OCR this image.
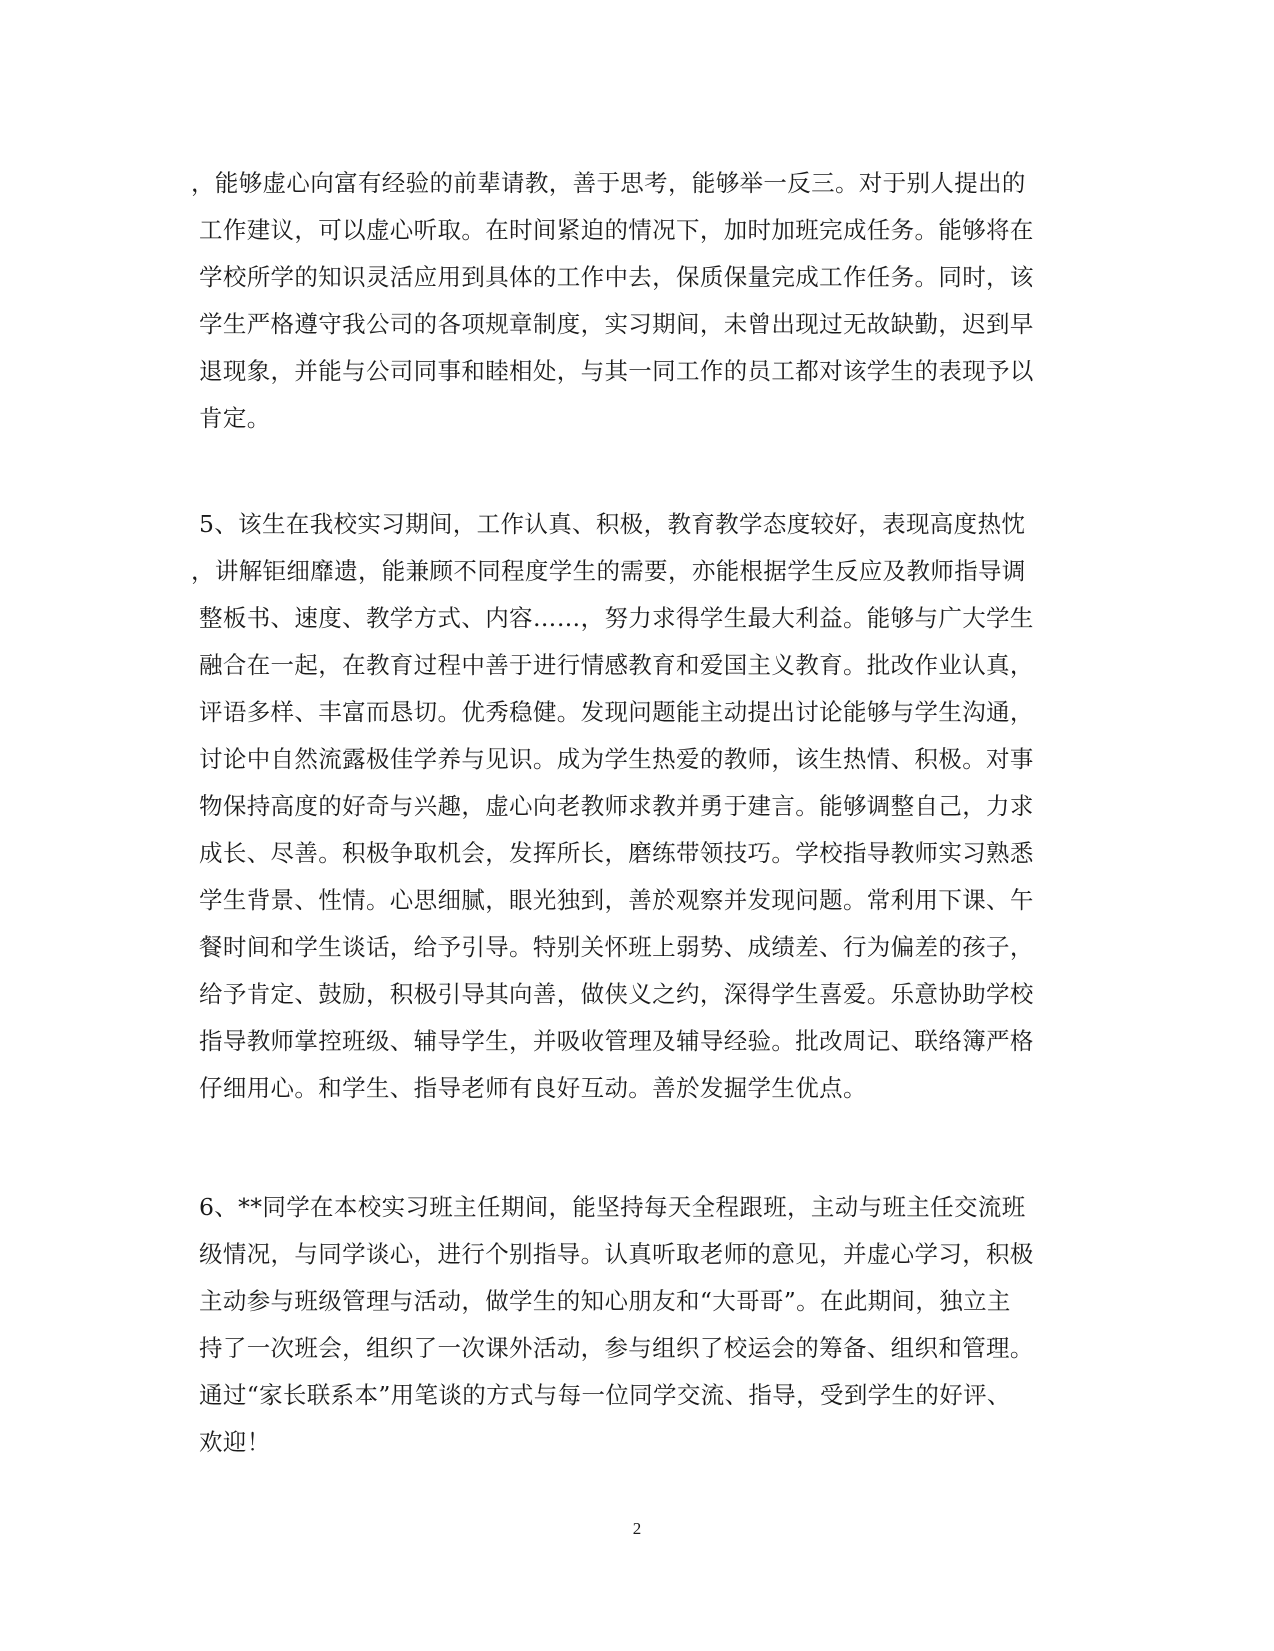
，能够虚心向富有经验的前辈请教，善于思考，能够举一反三。对于别人提出的
工作建议，可以虚心听取。在时间紧迫的情况下，加时加班完成任务。能够将在
学校所学的知识灵活应用到具体的工作中去，保质保量完成工作任务。同时，该
学生严格遵守我公司的各项规章制度，实习期间，未曾出现过无故缺勤，迟到早
退现象，并能与公司同事和睦相处，与其一同工作的员工都对该学生的表现予以
肯定。
5、该生在我校实习期间，工作认真、积极，教育教学态度较好，表现高度热忱
，讲解钜细靡遗，能兼顾不同程度学生的需要，亦能根据学生反应及教师指导调
整板书、速度、教学方式、内容……，努力求得学生最大利益。能够与广大学生
融合在一起，在教育过程中善于进行情感教育和爱国主义教育。批改作业认真，
评语多样、丰富而恳切。优秀稳健。发现问题能主动提出讨论能够与学生沟通，
讨论中自然流露极佳学养与见识。成为学生热爱的教师，该生热情、积极。对事
物保持高度的好奇与兴趣，虚心向老教师求教并勇于建言。能够调整自己，力求
成长、尽善。积极争取机会，发挥所长，磨练带领技巧。学校指导教师实习熟悉
学生背景、性情。心思细腻，眼光独到，善於观察并发现问题。常利用下课、午
餐时间和学生谈话，给予引导。特别关怀班上弱势、成绩差、行为偏差的孩子，
给予肯定、鼓励，积极引导其向善，做侠义之约，深得学生喜爱。乐意协助学校
指导教师掌控班级、辅导学生，并吸收管理及辅导经验。批改周记、联络簿严格
仔细用心。和学生、指导老师有良好互动。善於发掘学生优点。
6、**同学在本校实习班主任期间，能坚持每天全程跟班，主动与班主任交流班
级情况，与同学谈心，进行个别指导。认真听取老师的意见，并虚心学习，积极
主动参与班级管理与活动，做学生的知心朋友和“大哥哥”。在此期间，独立主
持了一次班会，组织了一次课外活动，参与组织了校运会的筹备、组织和管理。
通过“家长联系本”用笔谈的方式与每一位同学交流、指导，受到学生的好评、
欢迎！
2
